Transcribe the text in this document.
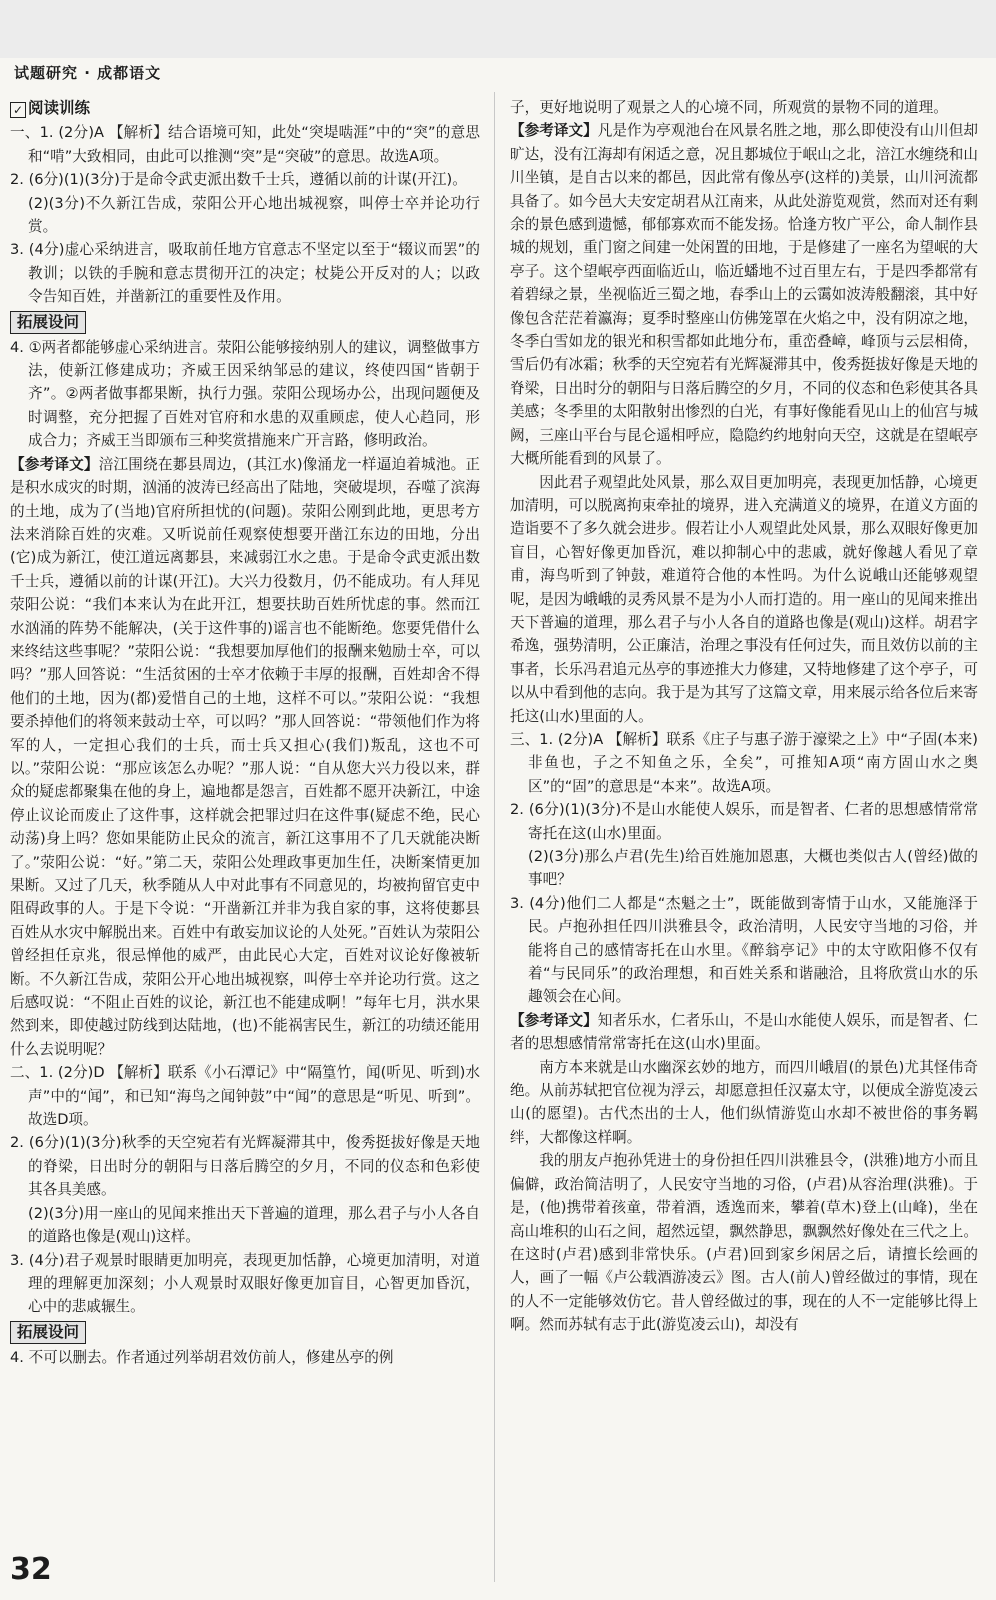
试题研究 · 成都语文
✓ 阅读训练

一、1. (2分)A 【解析】结合语境可知，此处“突堤啮涯”中的“突”的意思和“啃”大致相同，由此可以推测“突”是“突破”的意思。故选A项。

2. (6分)(1)(3分)于是命令武吏派出数千士兵，遵循以前的计谋(开江)。

(2)(3分)不久新江告成，荥阳公开心地出城视察，叫停士卒并论功行赏。

3. (4分)虚心采纳进言，吸取前任地方官意志不坚定以至于“辍议而罢”的教训；以铁的手腕和意志贯彻开江的决定；杖毙公开反对的人；以政令告知百姓，并凿新江的重要性及作用。

拓展设问

4. ①两者都能够虚心采纳进言。荥阳公能够接纳别人的建议，调整做事方法，使新江修建成功；齐威王因采纳邹忌的建议，终使四国“皆朝于齐”。②两者做事都果断，执行力强。荥阳公现场办公，出现问题便及时调整，充分把握了百姓对官府和水患的双重顾虑，使人心趋同，形成合力；齐威王当即颁布三种奖赏措施来广开言路，修明政治。

【参考译文】涪江围绕在郪县周边，(其江水)像涌龙一样逼迫着城池。正是积水成灾的时期，汹涌的波涛已经高出了陆地，突破堤坝，吞噬了滨海的土地，成为了(当地)官府所担忧的(问题)。荥阳公刚到此地，更思考方法来消除百姓的灾难。又听说前任观察使想要开凿江东边的田地，分出(它)成为新江，使江道远离郪县，来减弱江水之患。于是命令武吏派出数千士兵，遵循以前的计谋(开江)。大兴力役数月，仍不能成功。有人拜见荥阳公说：“我们本来认为在此开江，想要扶助百姓所忧虑的事。然而江水汹涌的阵势不能解决，(关于这件事的)谣言也不能断绝。您要凭借什么来终结这些事呢？”荥阳公说：“我想要加厚他们的报酬来勉励士卒，可以吗？”那人回答说：“生活贫困的士卒才依赖于丰厚的报酬，百姓却舍不得他们的土地，因为(都)爱惜自己的土地，这样不可以。”荥阳公说：“我想要杀掉他们的将领来鼓动士卒，可以吗？”那人回答说：“带领他们作为将军的人，一定担心我们的士兵，而士兵又担心(我们)叛乱，这也不可以。”荥阳公说：“那应该怎么办呢？”那人说：“自从您大兴力役以来，群众的疑虑都聚集在他的身上，遍地都是怨言，百姓都不愿开决新江，中途停止议论而废止了这件事，这样就会把罪过归在这件事(疑虑不绝，民心动荡)身上吗？您如果能防止民众的流言，新江这事用不了几天就能决断了。”荥阳公说：“好。”第二天，荥阳公处理政事更加生任，决断案情更加果断。又过了几天，秋季随从人中对此事有不同意见的，均被拘留官吏中阻碍政事的人。于是下令说：“开凿新江并非为我自家的事，这将使郪县百姓从水灾中解脱出来。百姓中有敢妄加议论的人处死。”百姓认为荥阳公曾经担任京兆，很忌惮他的威严，由此民心大定，百姓对议论好像被斩断。不久新江告成，荥阳公开心地出城视察，叫停士卒并论功行赏。这之后感叹说：“不阻止百姓的议论，新江也不能建成啊！”每年七月，洪水果然到来，即使越过防线到达陆地，(也)不能祸害民生，新江的功绩还能用什么去说明呢？

二、1. (2分)D 【解析】联系《小石潭记》中“隔篁竹，闻(听见、听到)水声”中的“闻”，和已知“海鸟之闻钟鼓”中“闻”的意思是“听见、听到”。故选D项。

2. (6分)(1)(3分)秋季的天空宛若有光辉凝滞其中，俊秀挺拔好像是天地的脊梁，日出时分的朝阳与日落后腾空的夕月，不同的仪态和色彩使其各具美感。

(2)(3分)用一座山的见闻来推出天下普遍的道理，那么君子与小人各自的道路也像是(观山)这样。

3. (4分)君子观景时眼睛更加明亮，表现更加恬静，心境更加清明，对道理的理解更加深刻；小人观景时双眼好像更加盲目，心智更加昏沉，心中的悲戚辗生。

拓展设问

4. 不可以删去。作者通过列举胡君效仿前人，修建丛亭的例

子，更好地说明了观景之人的心境不同，所观赏的景物不同的道理。

【参考译文】凡是作为亭观池台在风景名胜之地，那么即使没有山川但却旷达，没有江海却有闲适之意，况且郪城位于岷山之北，涪江水缠绕和山川坐镇，是自古以来的都邑，因此常有像丛亭(这样的)美景，山川河流都具备了。如今邑大夫安定胡君从江南来，从此处游览观赏，然而对还有剩余的景色感到遗憾，郁郁寡欢而不能发扬。恰逢方牧广平公，命人制作县城的规划，重门窗之间建一处闲置的田地，于是修建了一座名为望岷的大亭子。这个望岷亭西面临近山，临近蟠地不过百里左右，于是四季都常有着碧绿之景，坐视临近三蜀之地，春季山上的云霭如波涛般翻滚，其中好像包含茫茫着瀛海；夏季时整座山仿佛笼罩在火焰之中，没有阴凉之地，冬季白雪如龙的银光和积雪都如此地分布，重峦叠嶂，峰顶与云层相倚，雪后仍有冰霜；秋季的天空宛若有光辉凝滞其中，俊秀挺拔好像是天地的脊梁，日出时分的朝阳与日落后腾空的夕月，不同的仪态和色彩使其各具美感；冬季里的太阳散射出惨烈的白光，有事好像能看见山上的仙宫与城阙，三座山平台与昆仑遥相呼应，隐隐约约地射向天空，这就是在望岷亭大概所能看到的风景了。

因此君子观望此处风景，那么双目更加明亮，表现更加恬静，心境更加清明，可以脱离拘束牵扯的境界，进入充满道义的境界，在道义方面的造诣要不了多久就会进步。假若让小人观望此处风景，那么双眼好像更加盲目，心智好像更加昏沉，难以抑制心中的悲戚，就好像越人看见了章甫，海鸟听到了钟鼓，难道符合他的本性吗。为什么说峨山还能够观望呢，是因为峨峨的灵秀风景不是为小人而打造的。用一座山的见闻来推出天下普遍的道理，那么君子与小人各自的道路也像是(观山)这样。胡君字希逸，强势清明，公正廉洁，治理之事没有任何过失，而且效仿以前的主事者，长乐冯君追元丛亭的事迹推大力修建，又特地修建了这个亭子，可以从中看到他的志向。我于是为其写了这篇文章，用来展示给各位后来寄托这(山水)里面的人。

三、1. (2分)A 【解析】联系《庄子与惠子游于濠梁之上》中“子固(本来)非鱼也，子之不知鱼之乐，全矣”，可推知A项“南方固山水之奥区”的“固”的意思是“本来”。故选A项。

2. (6分)(1)(3分)不是山水能使人娱乐，而是智者、仁者的思想感情常常寄托在这(山水)里面。

(2)(3分)那么卢君(先生)给百姓施加恩惠，大概也类似古人(曾经)做的事吧？

3. (4分)他们二人都是“杰魁之士”，既能做到寄情于山水，又能施泽于民。卢抱孙担任四川洪雅县令，政治清明，人民安守当地的习俗，并能将自己的感情寄托在山水里。《醉翁亭记》中的太守欧阳修不仅有着“与民同乐”的政治理想，和百姓关系和谐融洽，且将欣赏山水的乐趣领会在心间。

【参考译文】知者乐水，仁者乐山，不是山水能使人娱乐，而是智者、仁者的思想感情常常寄托在这(山水)里面。

南方本来就是山水幽深玄妙的地方，而四川峨眉(的景色)尤其怪伟奇绝。从前苏轼把官位视为浮云，却愿意担任汉嘉太守，以便成全游览凌云山(的愿望)。古代杰出的士人，他们纵情游览山水却不被世俗的事务羁绊，大都像这样啊。

我的朋友卢抱孙凭进士的身份担任四川洪雅县令，(洪雅)地方小而且偏僻，政治简洁明了，人民安守当地的习俗，(卢君)从容治理(洪雅)。于是，(他)携带着孩童，带着酒，透逸而来，攀着(草木)登上(山峰)，坐在高山堆积的山石之间，超然远望，飘然静思，飘飘然好像处在三代之上。在这时(卢君)感到非常快乐。(卢君)回到家乡闲居之后，请擅长绘画的人，画了一幅《卢公载酒游凌云》图。古人(前人)曾经做过的事情，现在的人不一定能够效仿它。昔人曾经做过的事，现在的人不一定能够比得上啊。然而苏轼有志于此(游览凌云山)，却没有

32
